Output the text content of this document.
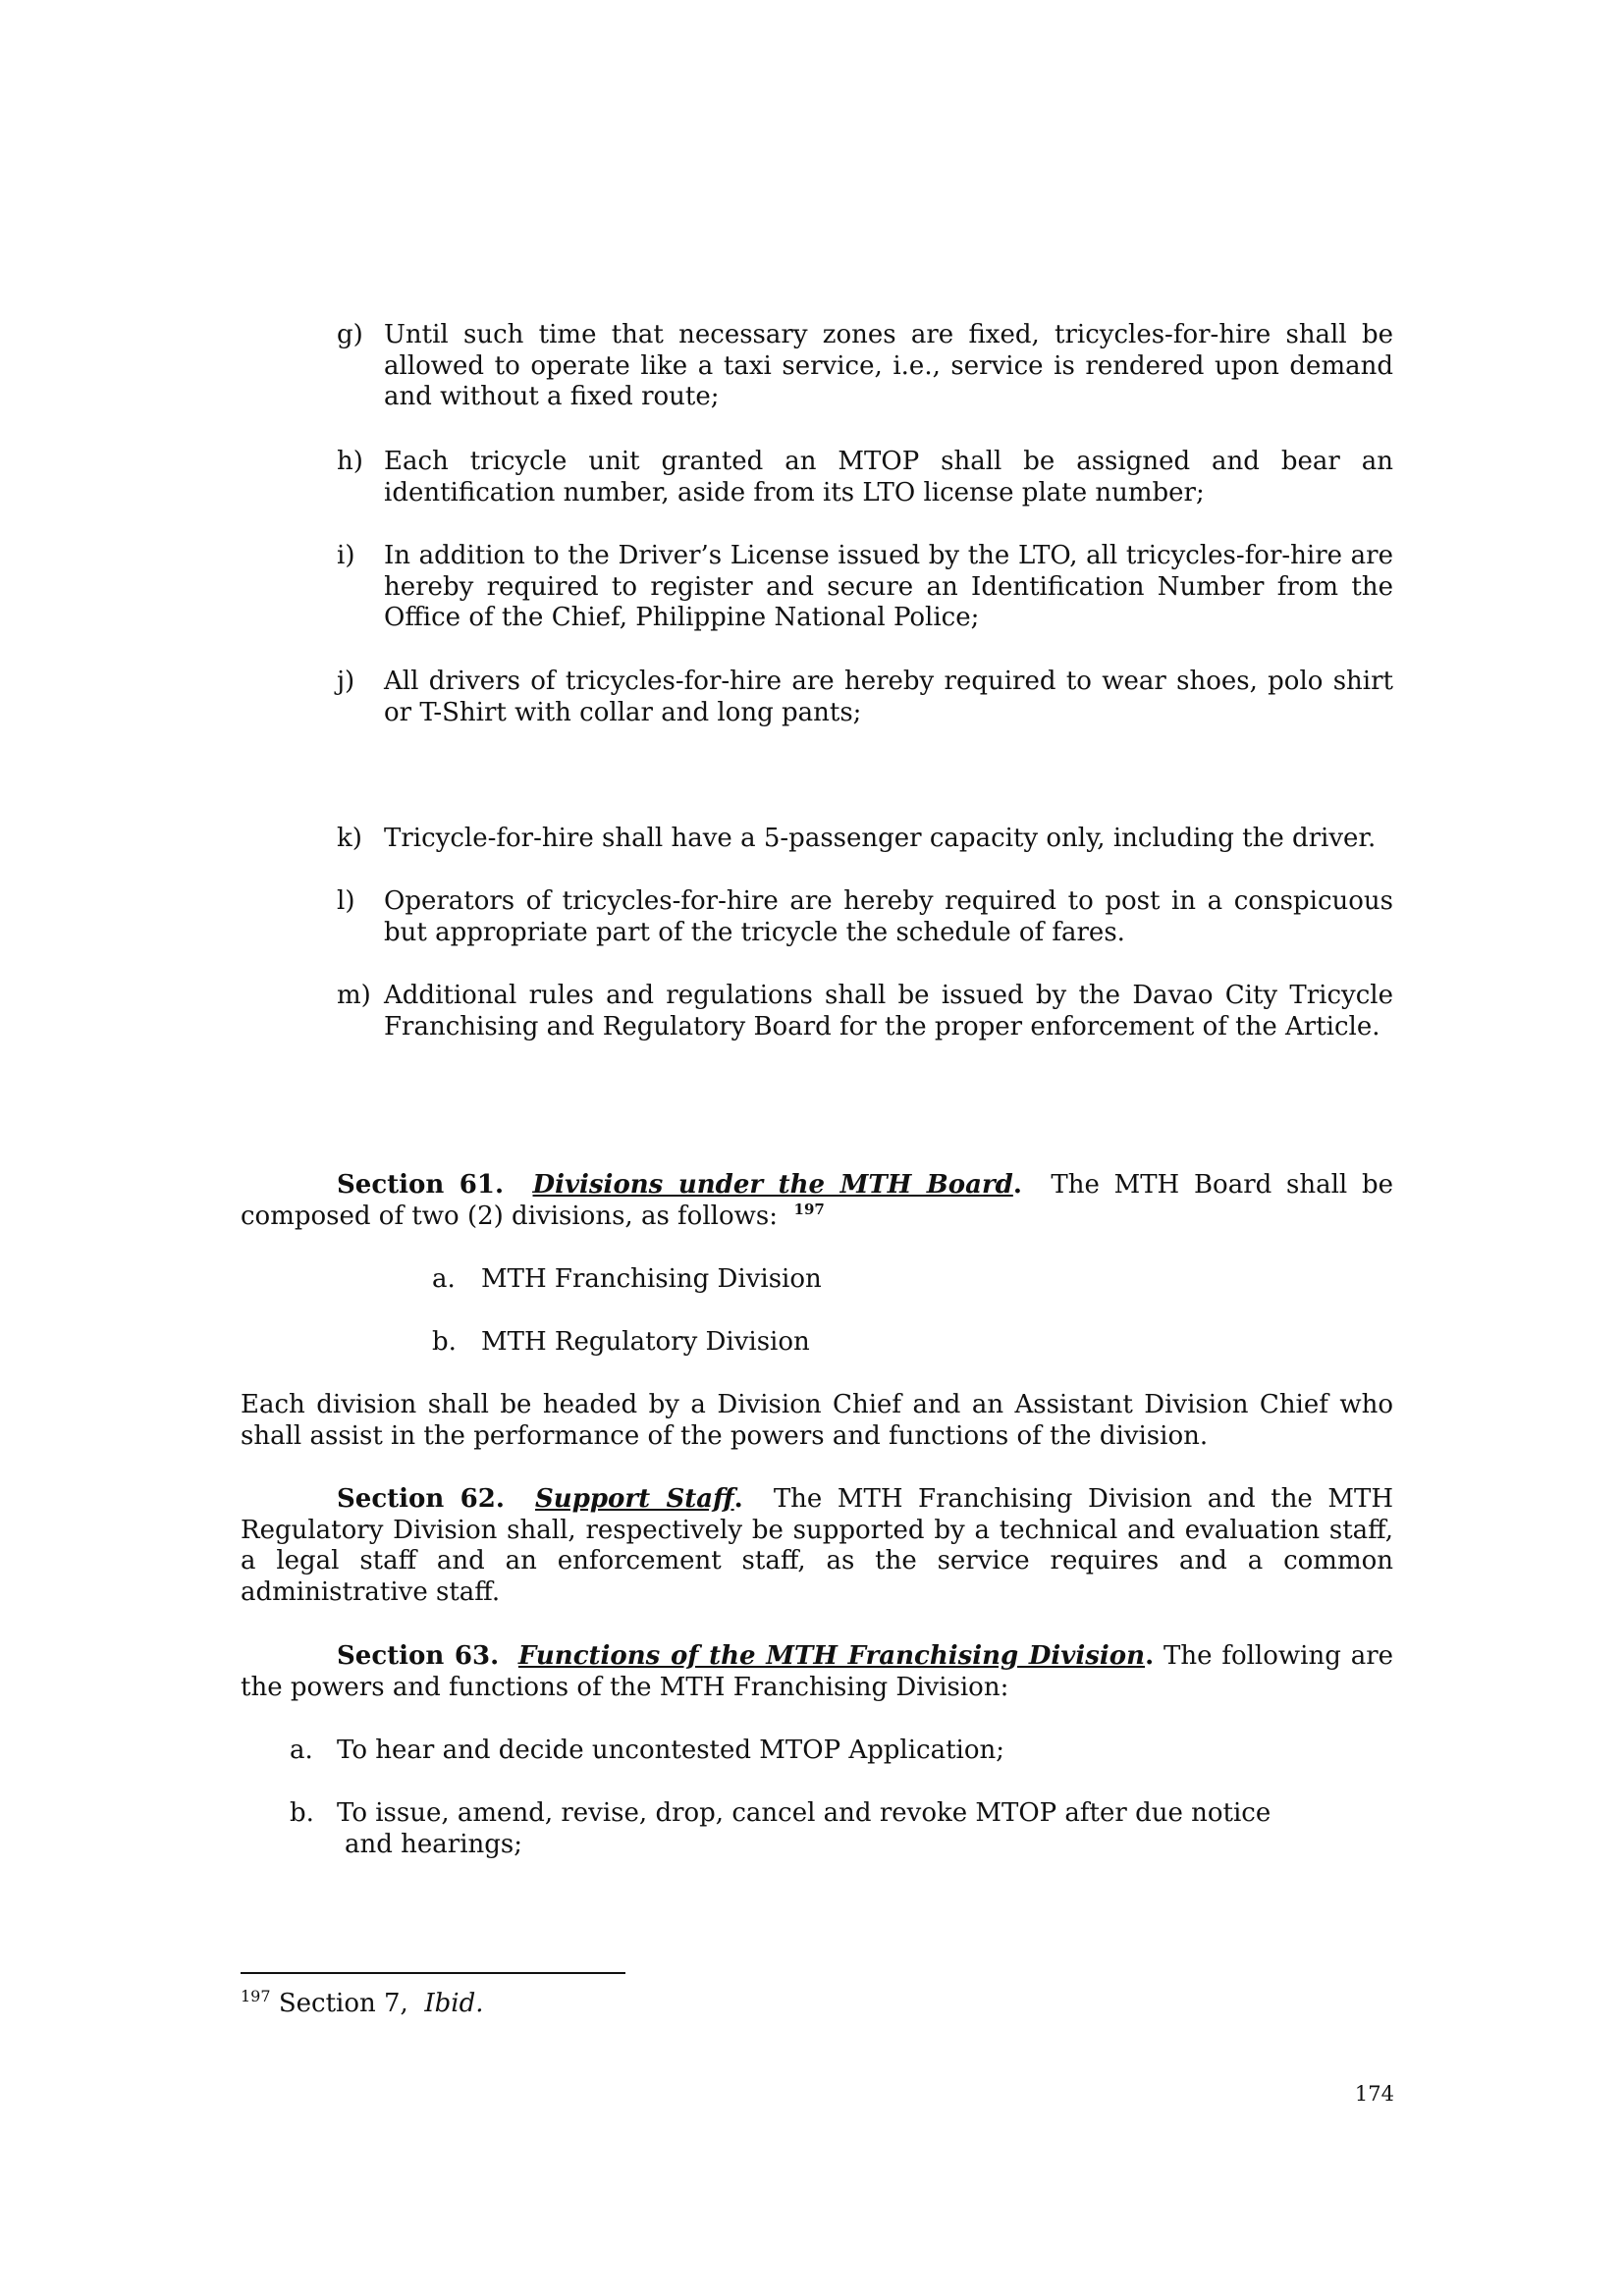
g) Until such time that necessary zones are fixed, tricycles-for-hire shall be allowed to operate like a taxi service, i.e., service is rendered upon demand and without a fixed route;
h) Each tricycle unit granted an MTOP shall be assigned and bear an identification number, aside from its LTO license plate number;
i)	In addition to the Driver’s License issued by the LTO, all tricycles-for-hire are hereby required to register and secure an Identification Number from the Office of the Chief, Philippine National Police;
j)	All drivers of tricycles-for-hire are hereby required to wear shoes, polo shirt or T-Shirt with collar and long pants;
k) Tricycle-for-hire shall have a 5-passenger capacity only, including the driver.
l)	Operators of tricycles-for-hire are hereby required to post in a conspicuous but appropriate part of the tricycle the schedule of fares.
m) Additional rules and regulations shall be issued by the Davao City Tricycle Franchising and Regulatory Board for the proper enforcement of the Article.
Section 61. Divisions under the MTH Board. The MTH Board shall be composed of two (2) divisions, as follows: $^{197}$
a.	MTH Franchising Division
b. MTH Regulatory Division
Each division shall be headed by a Division Chief and an Assistant Division Chief who shall assist in the performance of the powers and functions of the division.
Section 62. Support Staff. The MTH Franchising Division and the MTH Regulatory Division shall, respectively be supported by a technical and evaluation staff, a legal staff and an enforcement staff, as the service requires and a common administrative staff.
Section 63. Functions of the MTH Franchising Division. The following are the powers and functions of the MTH Franchising Division:
a. To hear and decide uncontested MTOP Application;
b. To issue, amend, revise, drop, cancel and revoke MTOP after due notice
and hearings;
$^{197}$ Section 7, Ibid.
174
